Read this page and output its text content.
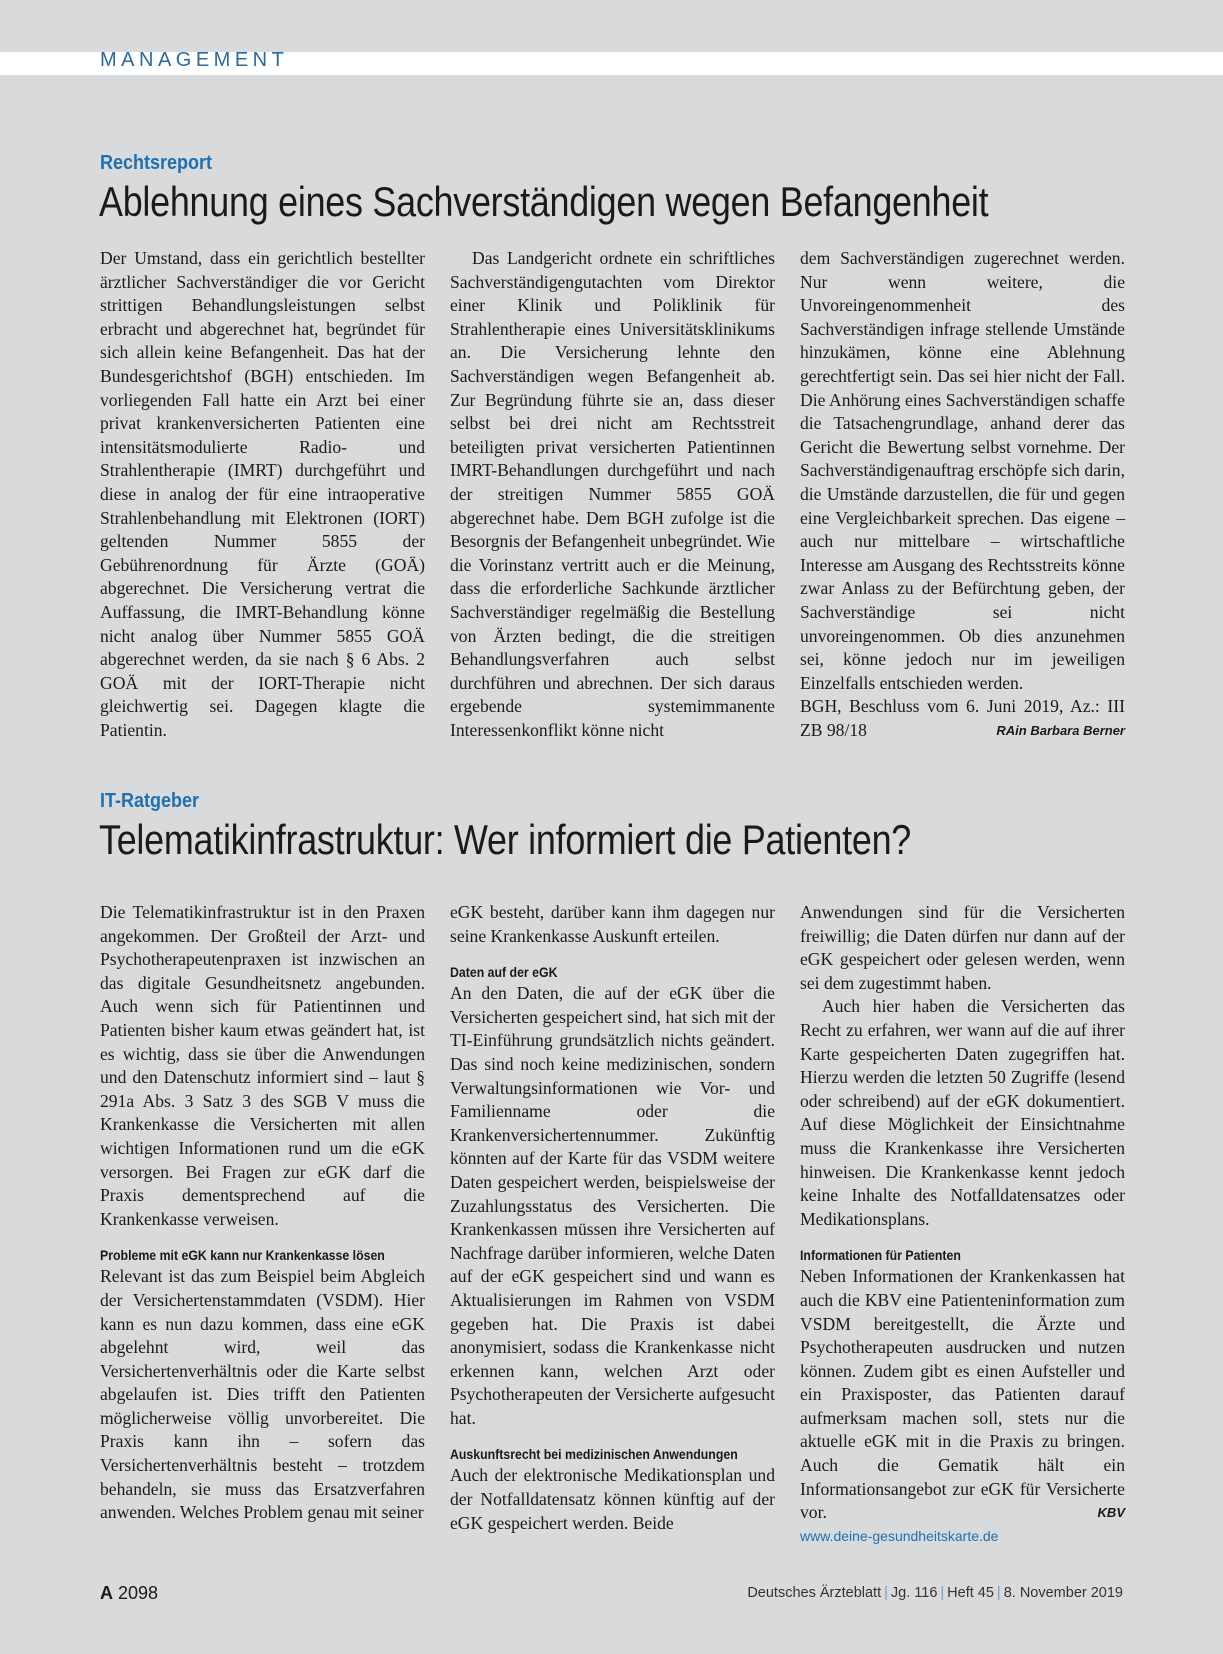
MANAGEMENT
Rechtsreport
Ablehnung eines Sachverständigen wegen Befangenheit

Der Umstand, dass ein gerichtlich bestellter ärztlicher Sachverständiger die vor Gericht strittigen Behandlungsleistungen selbst erbracht und abgerechnet hat, begründet für sich allein keine Befangenheit. Das hat der Bundesgerichtshof (BGH) entschieden. Im vorliegenden Fall hatte ein Arzt bei einer privat krankenversicherten Patienten eine intensitätsmodulierte Radio- und Strahlentherapie (IMRT) durchgeführt und diese in analog der für eine intraoperative Strahlenbehandlung mit Elektronen (IORT) geltenden Nummer 5855 der Gebührenordnung für Ärzte (GOÄ) abgerechnet. Die Versicherung vertrat die Auffassung, die IMRT-Behandlung könne nicht analog über Nummer 5855 GOÄ abgerechnet werden, da sie nach § 6 Abs. 2 GOÄ mit der IORT-Therapie nicht gleichwertig sei. Dagegen klagte die Patientin.

Das Landgericht ordnete ein schriftliches Sachverständigengutachten vom Direktor einer Klinik und Poliklinik für Strahlentherapie eines Universitätsklinikums an. Die Versicherung lehnte den Sachverständigen wegen Befangenheit ab. Zur Begründung führte sie an, dass dieser selbst bei drei nicht am Rechtsstreit beteiligten privat versicherten Patientinnen IMRT-Behandlungen durchgeführt und nach der streitigen Nummer 5855 GOÄ abgerechnet habe. Dem BGH zufolge ist die Besorgnis der Befangenheit unbegründet. Wie die Vorinstanz vertritt auch er die Meinung, dass die erforderliche Sachkunde ärztlicher Sachverständiger regelmäßig die Bestellung von Ärzten bedingt, die die streitigen Behandlungsverfahren auch selbst durchführen und abrechnen. Der sich daraus ergebende systemimmanente Interessenkonflikt könne nicht

dem Sachverständigen zugerechnet werden. Nur wenn weitere, die Unvoreingenommenheit des Sachverständigen infrage stellende Umstände hinzukämen, könne eine Ablehnung gerechtfertigt sein. Das sei hier nicht der Fall. Die Anhörung eines Sachverständigen schaffe die Tatsachengrundlage, anhand derer das Gericht die Bewertung selbst vornehme. Der Sachverständigenauftrag erschöpfe sich darin, die Umstände darzustellen, die für und gegen eine Vergleichbarkeit sprechen. Das eigene – auch nur mittelbare – wirtschaftliche Interesse am Ausgang des Rechtsstreits könne zwar Anlass zu der Befürchtung geben, der Sachverständige sei nicht unvoreingenommen. Ob dies anzunehmen sei, könne jedoch nur im jeweiligen Einzelfalls entschieden werden.

BGH, Beschluss vom 6. Juni 2019, Az.: III ZB 98/18	RAin Barbara Berner

IT-Ratgeber
Telematikinfrastruktur: Wer informiert die Patienten?

Die Telematikinfrastruktur ist in den Praxen angekommen. Der Großteil der Arzt- und Psychotherapeutenpraxen ist inzwischen an das digitale Gesundheitsnetz angebunden. Auch wenn sich für Patientinnen und Patienten bisher kaum etwas geändert hat, ist es wichtig, dass sie über die Anwendungen und den Datenschutz informiert sind – laut § 291a Abs. 3 Satz 3 des SGB V muss die Krankenkasse die Versicherten mit allen wichtigen Informationen rund um die eGK versorgen. Bei Fragen zur eGK darf die Praxis dementsprechend auf die Krankenkasse verweisen.

Probleme mit eGK kann nur Krankenkasse lösen

Relevant ist das zum Beispiel beim Abgleich der Versichertenstammdaten (VSDM). Hier kann es nun dazu kommen, dass eine eGK abgelehnt wird, weil das Versichertenverhältnis oder die Karte selbst abgelaufen ist. Dies trifft den Patienten möglicherweise völlig unvorbereitet. Die Praxis kann ihn – sofern das Versichertenverhältnis besteht – trotzdem behandeln, sie muss das Ersatzverfahren anwenden. Welches Problem genau mit seiner

eGK besteht, darüber kann ihm dagegen nur seine Krankenkasse Auskunft erteilen.

Daten auf der eGK

An den Daten, die auf der eGK über die Versicherten gespeichert sind, hat sich mit der TI-Einführung grundsätzlich nichts geändert. Das sind noch keine medizinischen, sondern Verwaltungsinformationen wie Vor- und Familienname oder die Krankenversichertennummer. Zukünftig könnten auf der Karte für das VSDM weitere Daten gespeichert werden, beispielsweise der Zuzahlungsstatus des Versicherten. Die Krankenkassen müssen ihre Versicherten auf Nachfrage darüber informieren, welche Daten auf der eGK gespeichert sind und wann es Aktualisierungen im Rahmen von VSDM gegeben hat. Die Praxis ist dabei anonymisiert, sodass die Krankenkasse nicht erkennen kann, welchen Arzt oder Psychotherapeuten der Versicherte aufgesucht hat.

Auskunftsrecht bei medizinischen Anwendungen

Auch der elektronische Medikationsplan und der Notfalldatensatz können künftig auf der eGK gespeichert werden. Beide

Anwendungen sind für die Versicherten freiwillig; die Daten dürfen nur dann auf der eGK gespeichert oder gelesen werden, wenn sei dem zugestimmt haben.

Auch hier haben die Versicherten das Recht zu erfahren, wer wann auf die auf ihrer Karte gespeicherten Daten zugegriffen hat. Hierzu werden die letzten 50 Zugriffe (lesend oder schreibend) auf der eGK dokumentiert. Auf diese Möglichkeit der Einsichtnahme muss die Krankenkasse ihre Versicherten hinweisen. Die Krankenkasse kennt jedoch keine Inhalte des Notfalldatensatzes oder Medikationsplans.

Informationen für Patienten

Neben Informationen der Krankenkassen hat auch die KBV eine Patienteninformation zum VSDM bereitgestellt, die Ärzte und Psychotherapeuten ausdrucken und nutzen können. Zudem gibt es einen Aufsteller und ein Praxisposter, das Patienten darauf aufmerksam machen soll, stets nur die aktuelle eGK mit in die Praxis zu bringen. Auch die Gematik hält ein Informationsangebot zur eGK für Versicherte vor.	KBV

www.deine-gesundheitskarte.de
A 2098	Deutsches Ärzteblatt | Jg. 116 | Heft 45 | 8. November 2019
